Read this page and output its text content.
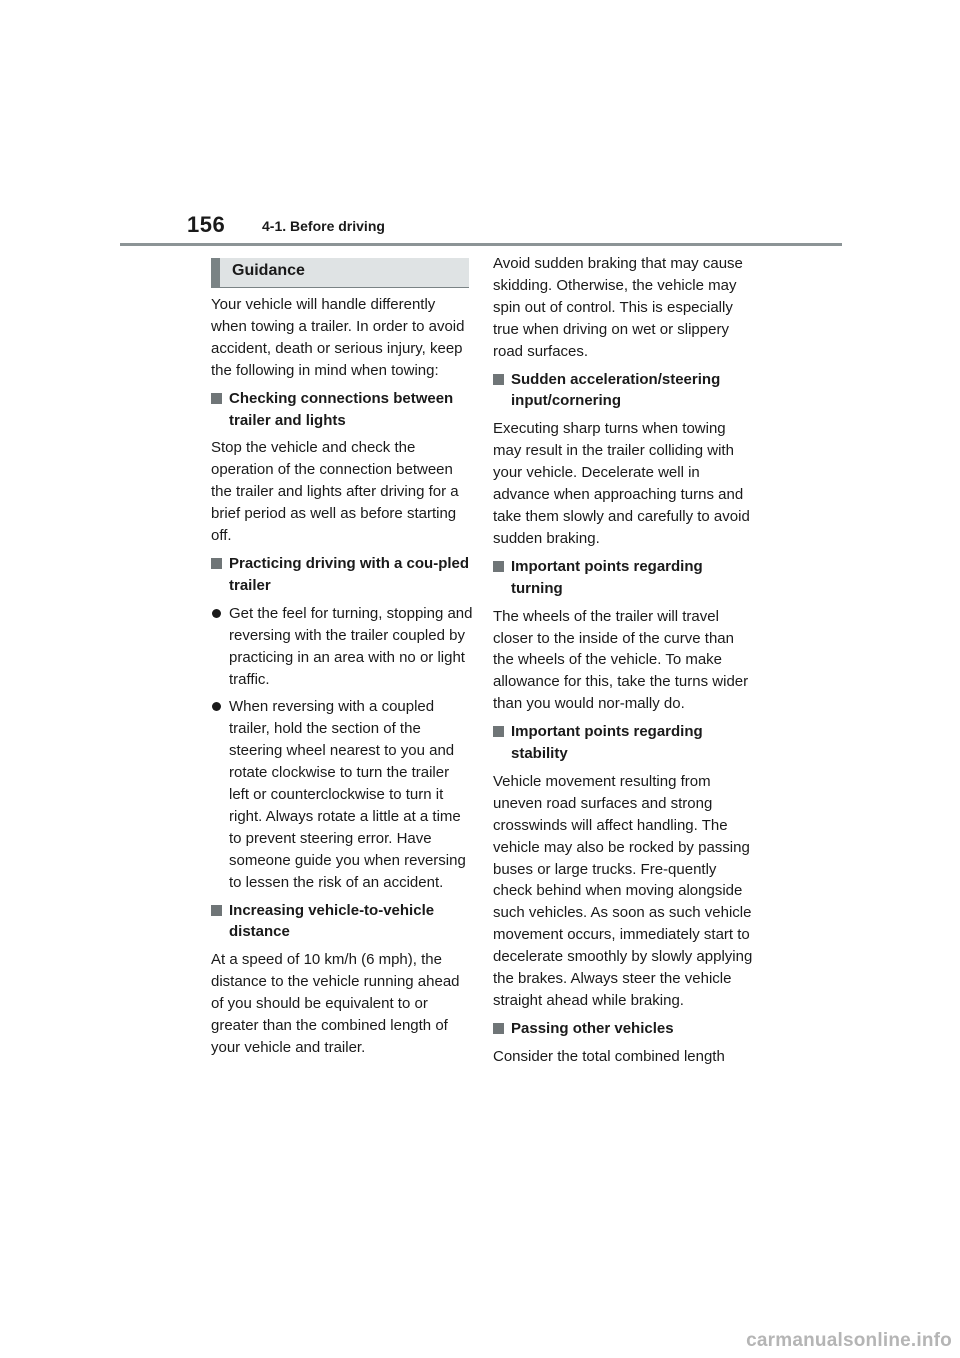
156	4-1. Before driving
Guidance

Your vehicle will handle differently when towing a trailer. In order to avoid accident, death or serious injury, keep the following in mind when towing:

Checking connections between trailer and lights

Stop the vehicle and check the operation of the connection between the trailer and lights after driving for a brief period as well as before starting off.

Practicing driving with a cou-pled trailer
Get the feel for turning, stopping and reversing with the trailer coupled by practicing in an area with no or light traffic.
When reversing with a coupled trailer, hold the section of the steering wheel nearest to you and rotate clockwise to turn the trailer left or counterclockwise to turn it right. Always rotate a little at a time to prevent steering error. Have someone guide you when reversing to lessen the risk of an accident.
Increasing vehicle-to-vehicle distance

At a speed of 10 km/h (6 mph), the distance to the vehicle running ahead of you should be equivalent to or greater than the combined length of your vehicle and trailer.

Avoid sudden braking that may cause skidding. Otherwise, the vehicle may spin out of control. This is especially true when driving on wet or slippery road surfaces.

Sudden acceleration/steering input/cornering

Executing sharp turns when towing may result in the trailer colliding with your vehicle. Decelerate well in advance when approaching turns and take them slowly and carefully to avoid sudden braking.

Important points regarding turning

The wheels of the trailer will travel closer to the inside of the curve than the wheels of the vehicle. To make allowance for this, take the turns wider than you would nor-mally do.

Important points regarding stability

Vehicle movement resulting from uneven road surfaces and strong crosswinds will affect handling. The vehicle may also be rocked by passing buses or large trucks. Fre-quently check behind when moving alongside such vehicles. As soon as such vehicle movement occurs, immediately start to decelerate smoothly by slowly applying the brakes. Always steer the vehicle straight ahead while braking.

Passing other vehicles

Consider the total combined length

carmanualsonline.info
